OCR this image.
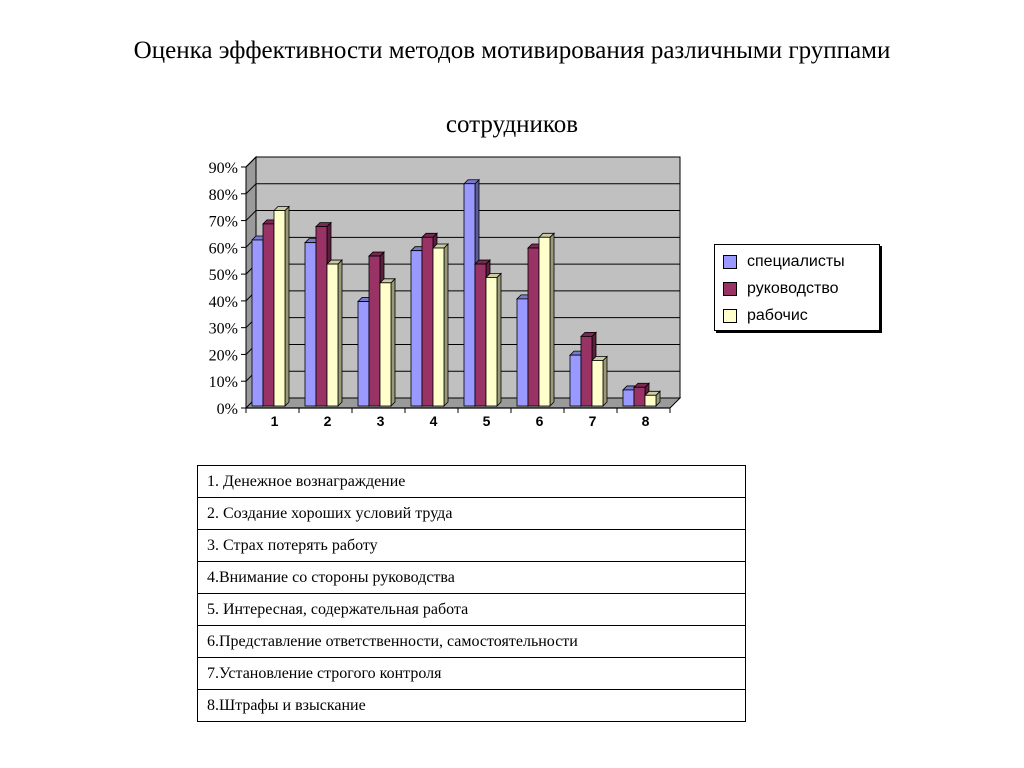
Оценка эффективности методов мотивирования различными группами
сотрудников
0%
10%
20%
30%
40%
50%
60%
70%
80%
90%
1	2	3	4	5	6	7	8
специалисты
руководство
рабочис
1. Денежное вознаграждение
2. Создание хороших условий труда
3. Страх потерять работу
4.Внимание со стороны руководства
5. Интересная, содержательная работа
6.Представление ответственности, самостоятельности
7.Установление строгого контроля
8.Штрафы и взыскание
